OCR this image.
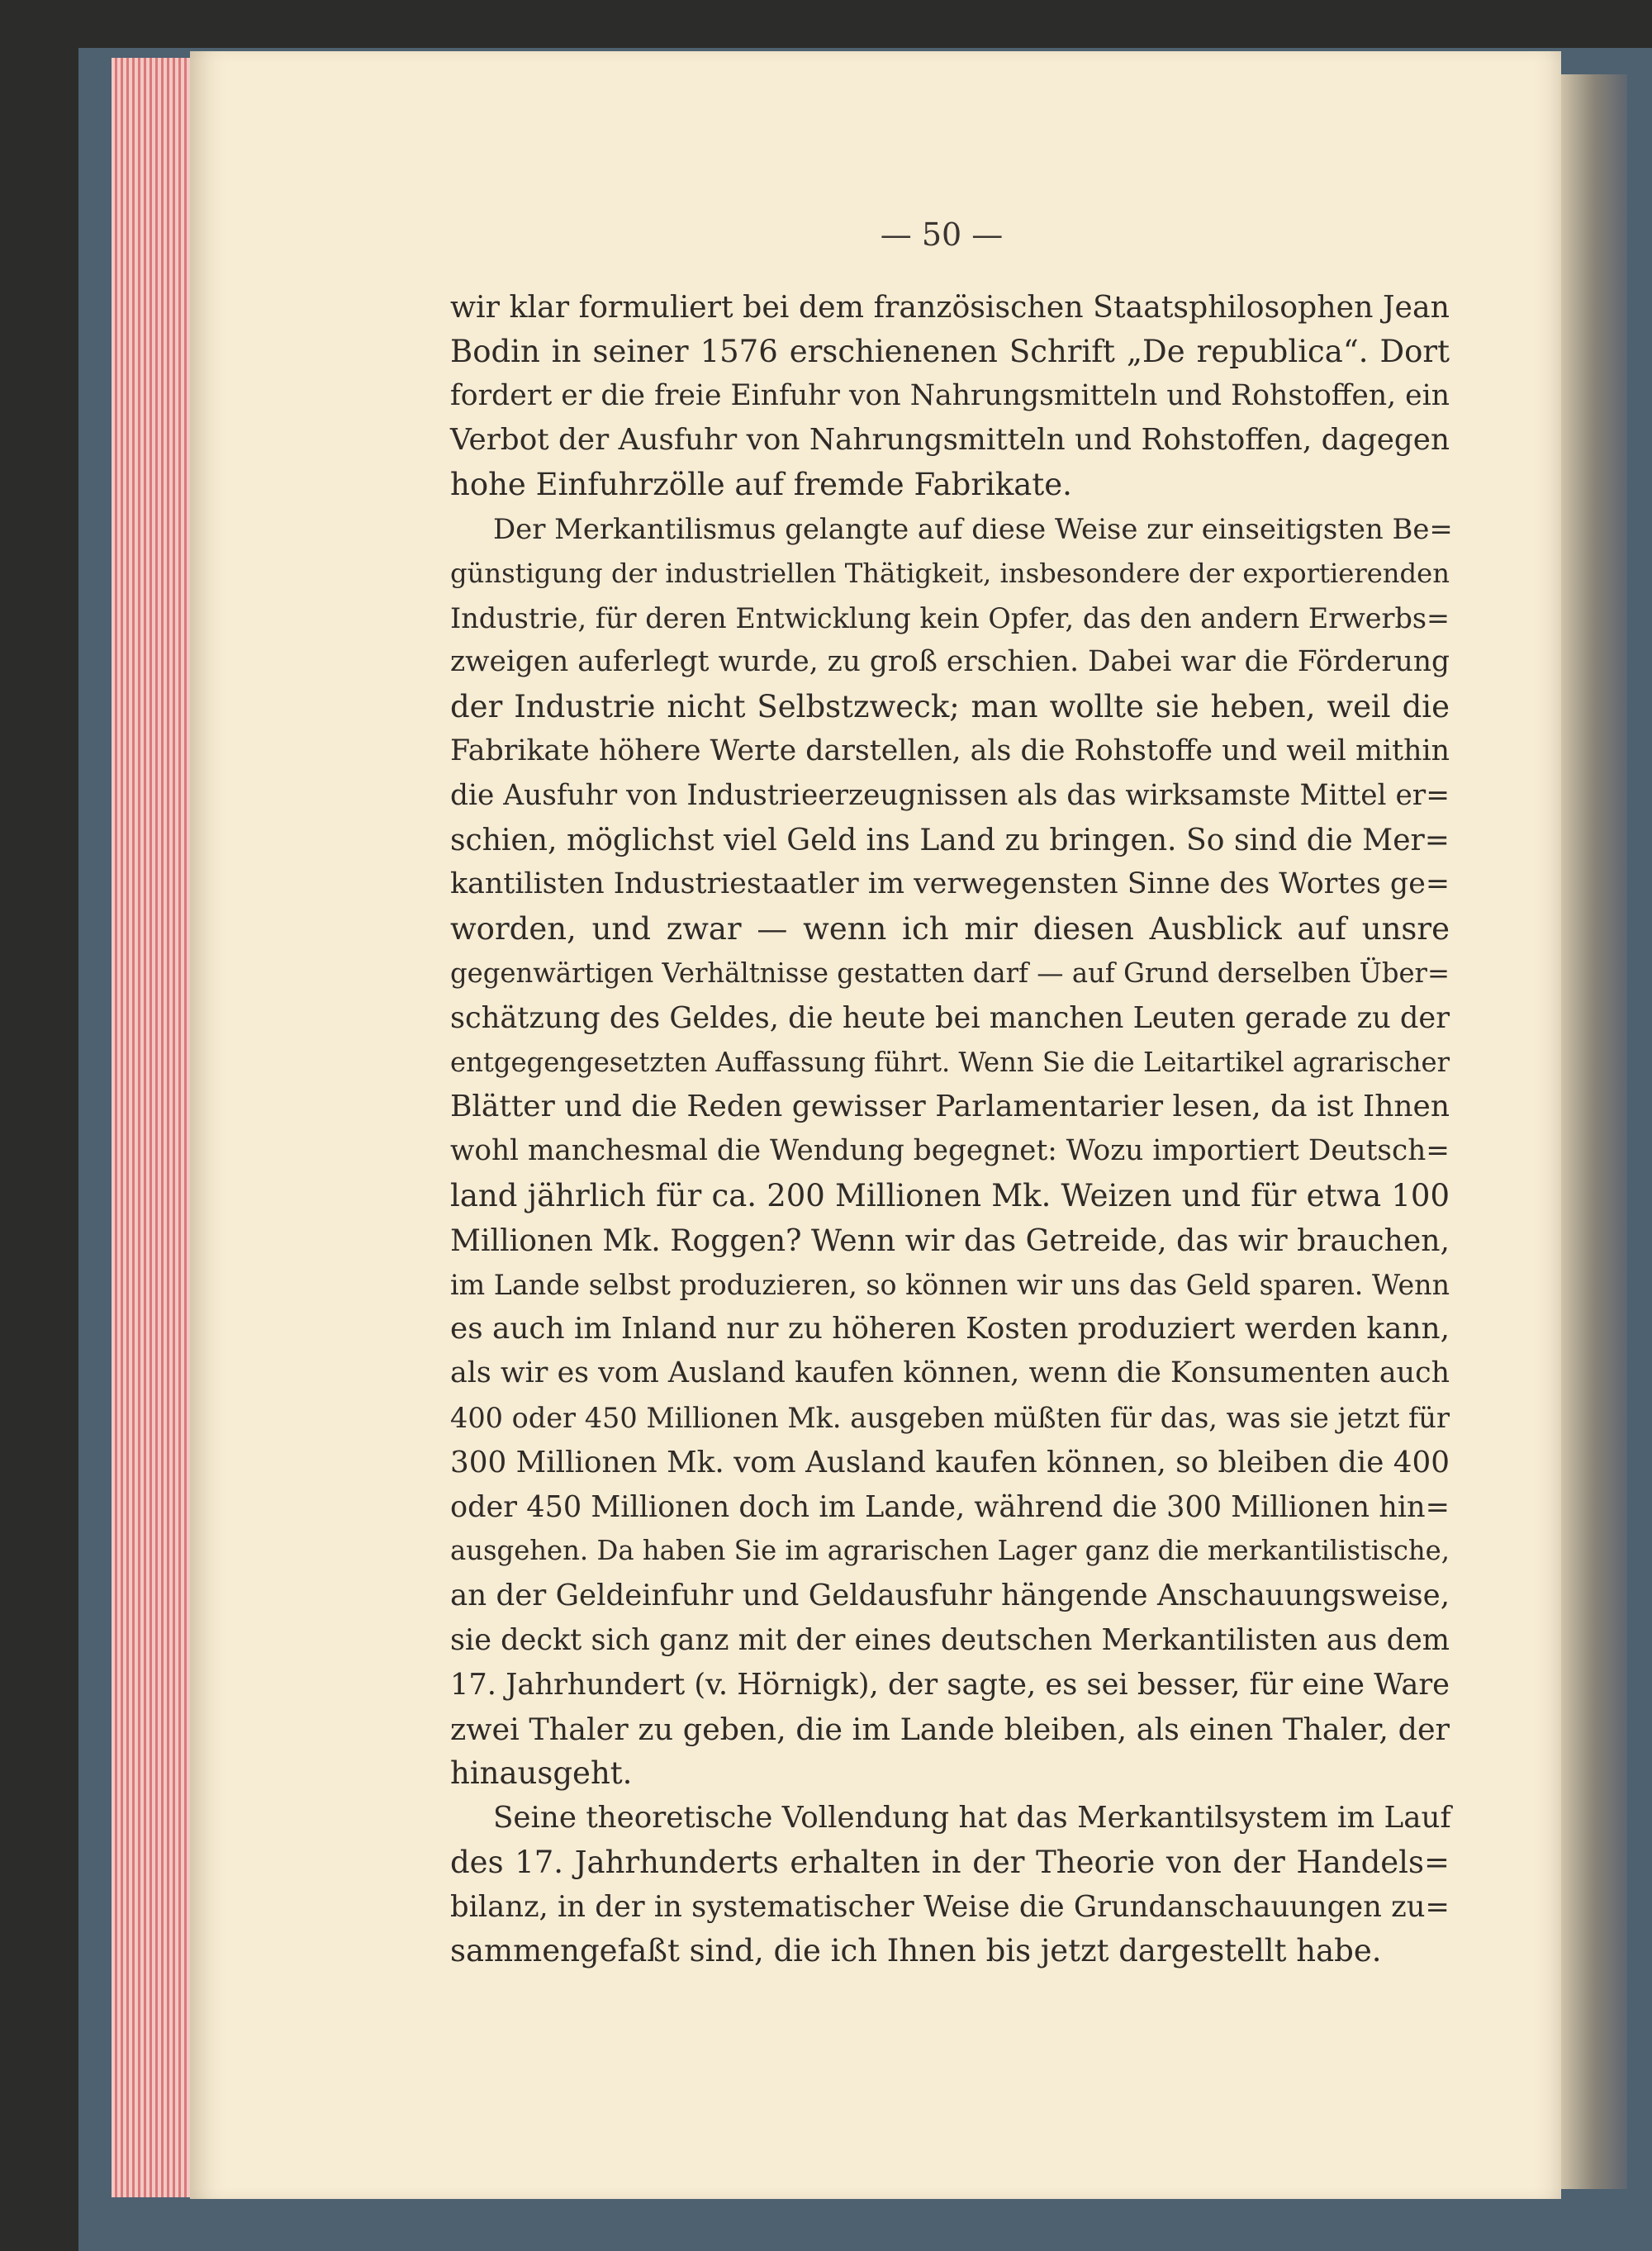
— 50 —

wir klar formuliert bei dem französischen Staatsphilosophen Jean
Bodin in seiner 1576 erschienenen Schrift „De republica“. Dort
fordert er die freie Einfuhr von Nahrungsmitteln und Rohstoffen, ein
Verbot der Ausfuhr von Nahrungsmitteln und Rohstoffen, dagegen
hohe Einfuhrzölle auf fremde Fabrikate.

Der Merkantilismus gelangte auf diese Weise zur einseitigsten Be=
günstigung der industriellen Thätigkeit, insbesondere der exportierenden
Industrie, für deren Entwicklung kein Opfer, das den andern Erwerbs=
zweigen auferlegt wurde, zu groß erschien. Dabei war die Förderung
der Industrie nicht Selbstzweck; man wollte sie heben, weil die
Fabrikate höhere Werte darstellen, als die Rohstoffe und weil mithin
die Ausfuhr von Industrieerzeugnissen als das wirksamste Mittel er=
schien, möglichst viel Geld ins Land zu bringen. So sind die Mer=
kantilisten Industriestaatler im verwegensten Sinne des Wortes ge=
worden, und zwar — wenn ich mir diesen Ausblick auf unsre
gegenwärtigen Verhältnisse gestatten darf — auf Grund derselben Über=
schätzung des Geldes, die heute bei manchen Leuten gerade zu der
entgegengesetzten Auffassung führt. Wenn Sie die Leitartikel agrarischer
Blätter und die Reden gewisser Parlamentarier lesen, da ist Ihnen
wohl manchesmal die Wendung begegnet: Wozu importiert Deutsch=
land jährlich für ca. 200 Millionen Mk. Weizen und für etwa 100
Millionen Mk. Roggen? Wenn wir das Getreide, das wir brauchen,
im Lande selbst produzieren, so können wir uns das Geld sparen. Wenn
es auch im Inland nur zu höheren Kosten produziert werden kann,
als wir es vom Ausland kaufen können, wenn die Konsumenten auch
400 oder 450 Millionen Mk. ausgeben müßten für das, was sie jetzt für
300 Millionen Mk. vom Ausland kaufen können, so bleiben die 400
oder 450 Millionen doch im Lande, während die 300 Millionen hin=
ausgehen. Da haben Sie im agrarischen Lager ganz die merkantilistische,
an der Geldeinfuhr und Geldausfuhr hängende Anschauungsweise,
sie deckt sich ganz mit der eines deutschen Merkantilisten aus dem
17. Jahrhundert (v. Hörnigk), der sagte, es sei besser, für eine Ware
zwei Thaler zu geben, die im Lande bleiben, als einen Thaler, der
hinausgeht.

Seine theoretische Vollendung hat das Merkantilsystem im Lauf
des 17. Jahrhunderts erhalten in der Theorie von der Handels=
bilanz, in der in systematischer Weise die Grundanschauungen zu=
sammengefaßt sind, die ich Ihnen bis jetzt dargestellt habe.
